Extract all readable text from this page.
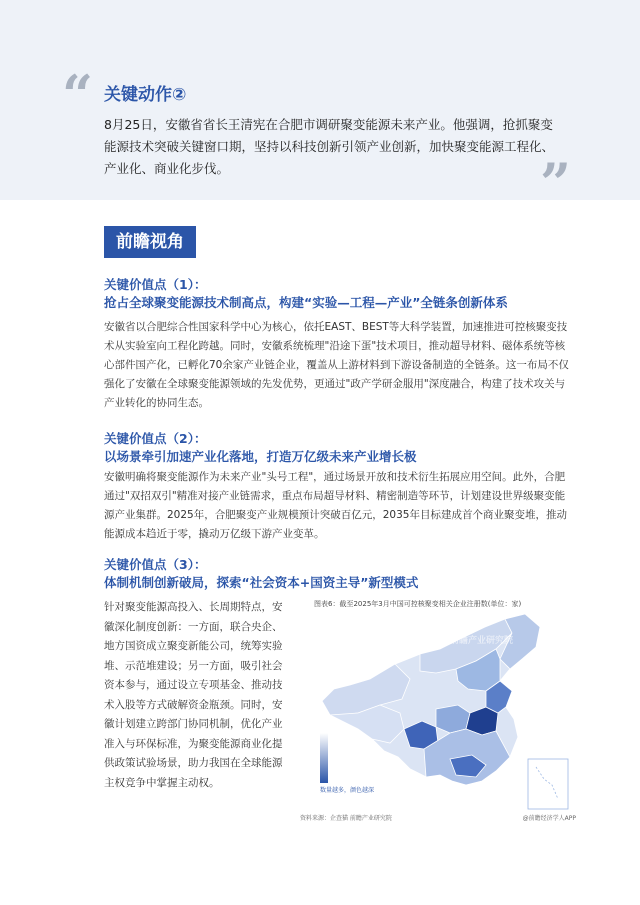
“ 关键动作②
8月25日，安徽省省长王清宪在合肥市调研聚变能源未来产业。他强调，抢抓聚变能源技术突破关键窗口期，坚持以科技创新引领产业创新，加快聚变能源工程化、产业化、商业化步伐。	”
前瞻视角
关键价值点（1）：
抢占全球聚变能源技术制高点，构建“实验—工程—产业”全链条创新体系
安徽省以合肥综合性国家科学中心为核心，依托EAST、BEST等大科学装置，加速推进可控核聚变技术从实验室向工程化跨越。同时，安徽系统梳理"沿途下蛋"技术项目，推动超导材料、磁体系统等核心部件国产化，已孵化70余家产业链企业，覆盖从上游材料到下游设备制造的全链条。这一布局不仅强化了安徽在全球聚变能源领域的先发优势，更通过"政产学研金服用"深度融合，构建了技术攻关与产业转化的协同生态。
关键价值点（2）：
以场景牵引加速产业化落地，打造万亿级未来产业增长极
安徽明确将聚变能源作为未来产业"头号工程"，通过场景开放和技术衍生拓展应用空间。此外，合肥通过"双招双引"精准对接产业链需求，重点布局超导材料、精密制造等环节，计划建设世界级聚变能源产业集群。2025年，合肥聚变产业规模预计突破百亿元，2035年目标建成首个商业聚变堆，推动能源成本趋近于零，撬动万亿级下游产业变革。
关键价值点（3）：
体制机制创新破局，探索“社会资本+国资主导”新型模式
针对聚变能源高投入、长周期特点，安徽深化制度创新：一方面，联合央企、地方国资成立聚变新能公司，统筹实验堆、示范堆建设；另一方面，吸引社会资本参与，通过设立专项基金、推动技术入股等方式破解资金瓶颈。同时，安徽计划建立跨部门协同机制，优化产业准入与环保标准，为聚变能源商业化提供政策试验场景，助力我国在全球能源主权竞争中掌握主动权。
图表6：截至2025年3月中国可控核聚变相关企业注册数(单位：家)
前瞻产业研究院
数量越多，颜色越深
资料来源：企查猫 前瞻产业研究院	@前瞻经济学人APP
